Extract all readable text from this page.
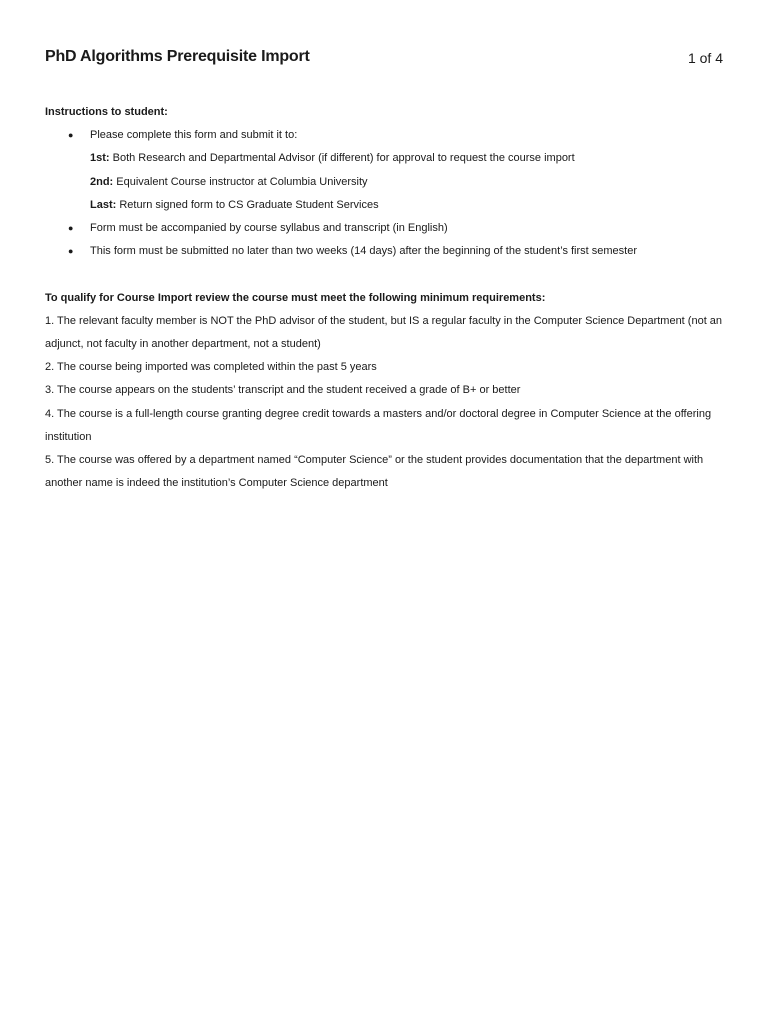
PhD Algorithms Prerequisite Import	1 of 4

Instructions to student:

● Please complete this form and submit it to:

1st: Both Research and Departmental Advisor (if different) for approval to request the course import

2nd: Equivalent Course instructor at Columbia University

Last: Return signed form to CS Graduate Student Services

● Form must be accompanied by course syllabus and transcript (in English)
● This form must be submitted no later than two weeks (14 days) after the beginning of the student’s first semester

To qualify for Course Import review the course must meet the following minimum requirements:

1. The relevant faculty member is NOT the PhD advisor of the student, but IS a regular faculty in the Computer Science Department (not an adjunct, not faculty in another department, not a student)

2. The course being imported was completed within the past 5 years

3. The course appears on the students’ transcript and the student received a grade of B+ or better

4. The course is a full-length course granting degree credit towards a masters and/or doctoral degree in Computer Science at the offering institution

5. The course was offered by a department named “Computer Science” or the student provides documentation that the department with another name is indeed the institution’s Computer Science department
